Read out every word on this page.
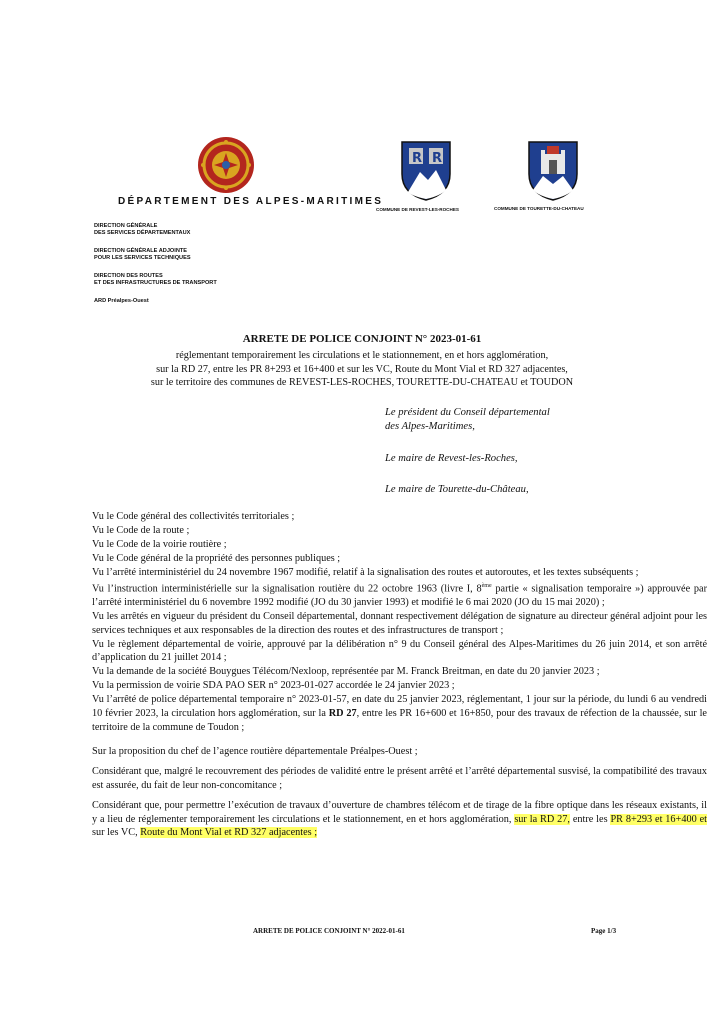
DÉPARTEMENT DES ALPES-MARITIMES
R R
COMMUNE DE REVEST-LES-ROCHES	COMMUNE DE TOURETTE-DU-CHATEAU
DIRECTION GÉNÉRALE
DES SERVICES DÉPARTEMENTAUX
DIRECTION GÉNÉRALE ADJOINTE
POUR LES SERVICES TECHNIQUES
DIRECTION DES ROUTES
ET DES INFRASTRUCTURES DE TRANSPORT
ARD Préalpes-Ouest
ARRETE DE POLICE CONJOINT N° 2023-01-61
réglementant temporairement les circulations et le stationnement, en et hors agglomération,
sur la RD 27, entre les PR 8+293 et 16+400 et sur les VC, Route du Mont Vial et RD 327 adjacentes,
sur le territoire des communes de REVEST-LES-ROCHES, TOURETTE-DU-CHATEAU et TOUDON
Le président du Conseil départemental
des Alpes-Maritimes,
Le maire de Revest-les-Roches,
Le maire de Tourette-du-Château,

Vu le Code général des collectivités territoriales ;

Vu le Code de la route ;

Vu le Code de la voirie routière ;

Vu le Code général de la propriété des personnes publiques ;

Vu l’arrêté interministériel du 24 novembre 1967 modifié, relatif à la signalisation des routes et autoroutes, et les textes subséquents ;

Vu l’instruction interministérielle sur la signalisation routière du 22 octobre 1963 (livre I, 8ème partie « signalisation temporaire ») approuvée par l’arrêté interministériel du 6 novembre 1992 modifié (JO du 30 janvier 1993) et modifié le 6 mai 2020 (JO du 15 mai 2020) ;

Vu les arrêtés en vigueur du président du Conseil départemental, donnant respectivement délégation de signature au directeur général adjoint pour les services techniques et aux responsables de la direction des routes et des infrastructures de transport ;

Vu le règlement départemental de voirie, approuvé par la délibération n° 9 du Conseil général des Alpes-Maritimes du 26 juin 2014, et son arrêté d’application du 21 juillet 2014 ;

Vu la demande de la société Bouygues Télécom/Nexloop, représentée par M. Franck Breitman, en date du 20 janvier 2023 ;

Vu la permission de voirie SDA PAO SER n° 2023-01-027 accordée le 24 janvier 2023 ;

Vu l’arrêté de police départemental temporaire n° 2023-01-57, en date du 25 janvier 2023, réglementant, 1 jour sur la période, du lundi 6 au vendredi 10 février 2023, la circulation hors agglomération, sur la RD 27, entre les PR 16+600 et 16+850, pour des travaux de réfection de la chaussée, sur le territoire de la commune de Toudon ;

Sur la proposition du chef de l’agence routière départementale Préalpes-Ouest ;

Considérant que, malgré le recouvrement des périodes de validité entre le présent arrêté et l’arrêté départemental susvisé, la compatibilité des travaux est assurée, du fait de leur non-concomitance ;

Considérant que, pour permettre l’exécution de travaux d’ouverture de chambres télécom et de tirage de la fibre optique dans les réseaux existants, il y a lieu de réglementer temporairement les circulations et le stationnement, en et hors agglomération, sur la RD 27, entre les PR 8+293 et 16+400 et sur les VC, Route du Mont Vial et RD 327 adjacentes ;

ARRETE DE POLICE CONJOINT N° 2022-01-61	Page 1/3
